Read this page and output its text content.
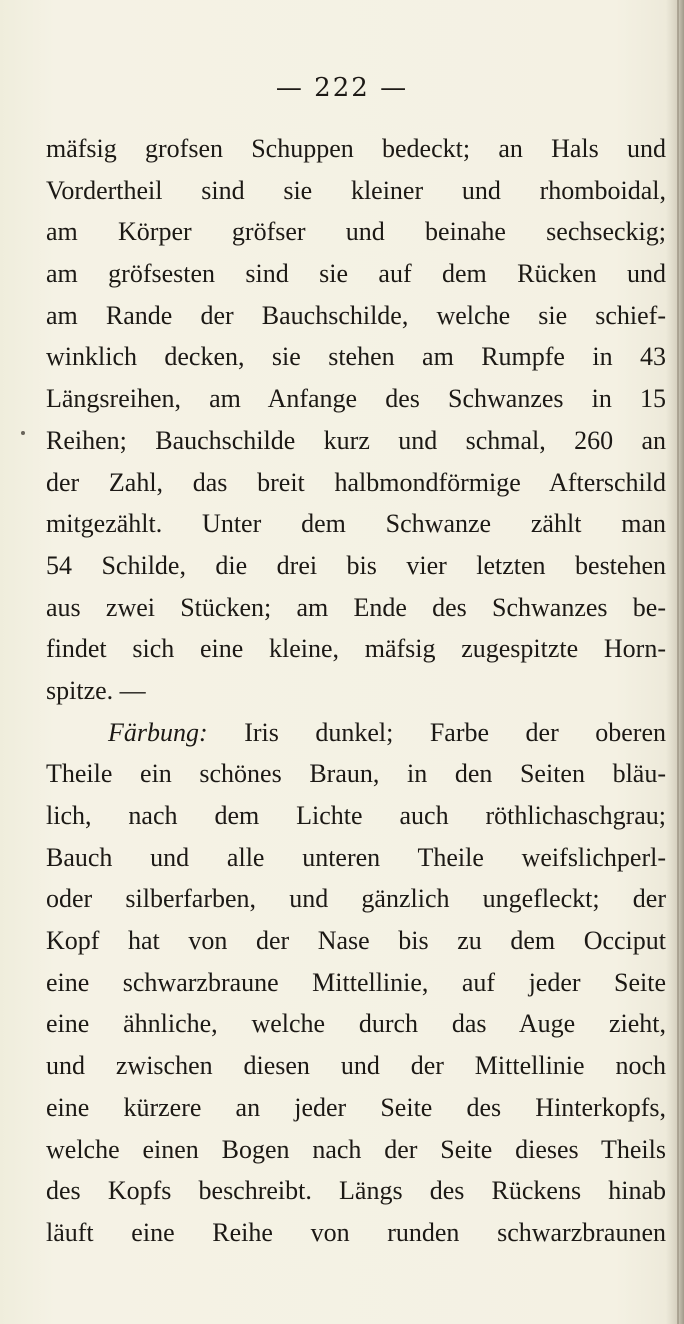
— 222 —
mäfsig grofsen Schuppen bedeckt; an Hals und
Vordertheil sind sie kleiner und rhomboidal,
am Körper gröfser und beinahe sechseckig;
am gröfsesten sind sie auf dem Rücken und
am Rande der Bauchschilde, welche sie schief-
winklich decken, sie stehen am Rumpfe in 43
Längsreihen, am Anfange des Schwanzes in 15
Reihen; Bauchschilde kurz und schmal, 260 an
der Zahl, das breit halbmondförmige Afterschild
mitgezählt. Unter dem Schwanze zählt man
54 Schilde, die drei bis vier letzten bestehen
aus zwei Stücken; am Ende des Schwanzes be-
findet sich eine kleine, mäfsig zugespitzte Horn-
spitze. —
Färbung: Iris dunkel; Farbe der oberen
Theile ein schönes Braun, in den Seiten bläu-
lich, nach dem Lichte auch röthlichaschgrau;
Bauch und alle unteren Theile weifslichperl-
oder silberfarben, und gänzlich ungefleckt; der
Kopf hat von der Nase bis zu dem Occiput
eine schwarzbraune Mittellinie, auf jeder Seite
eine ähnliche, welche durch das Auge zieht,
und zwischen diesen und der Mittellinie noch
eine kürzere an jeder Seite des Hinterkopfs,
welche einen Bogen nach der Seite dieses Theils
des Kopfs beschreibt. Längs des Rückens hinab
läuft eine Reihe von runden schwarzbraunen
